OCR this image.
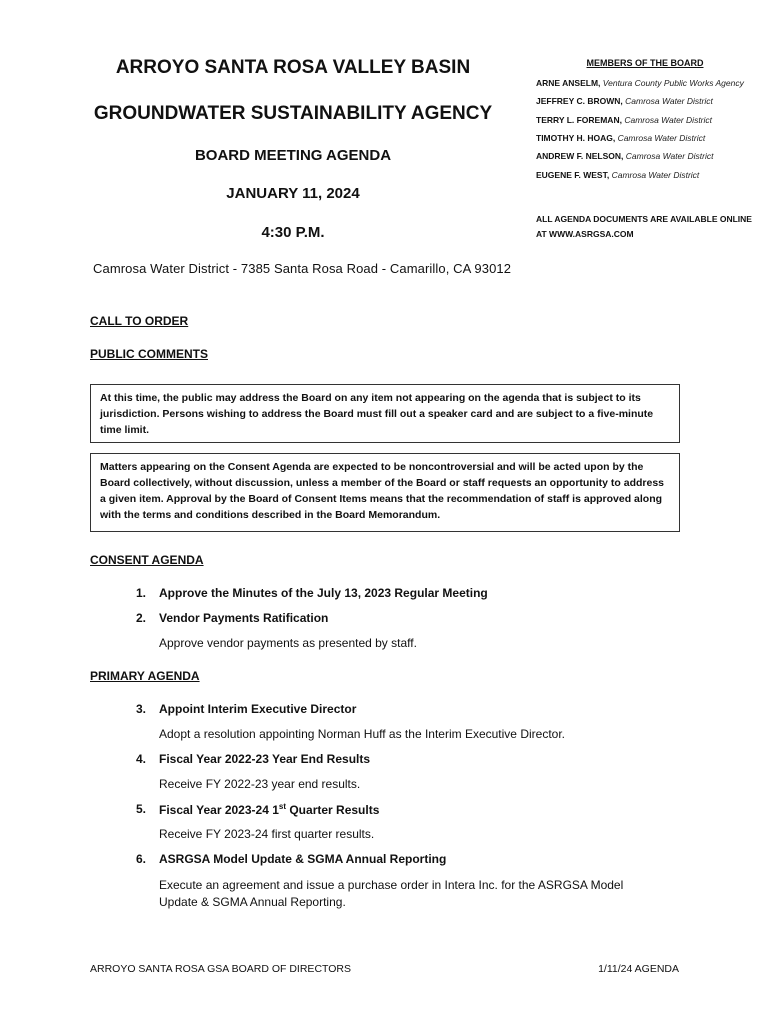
ARROYO SANTA ROSA VALLEY BASIN
GROUNDWATER SUSTAINABILITY AGENCY
BOARD MEETING AGENDA
JANUARY 11, 2024
4:30 P.M.
Camrosa Water District - 7385 Santa Rosa Road - Camarillo, CA 93012
MEMBERS OF THE BOARD
ARNE ANSELM, Ventura County Public Works Agency
JEFFREY C. BROWN, Camrosa Water District
TERRY L. FOREMAN, Camrosa Water District
TIMOTHY H. HOAG, Camrosa Water District
ANDREW F. NELSON, Camrosa Water District
EUGENE F. WEST, Camrosa Water District
ALL AGENDA DOCUMENTS ARE AVAILABLE ONLINE
AT WWW.ASRGSA.COM
CALL TO ORDER
PUBLIC COMMENTS
At this time, the public may address the Board on any item not appearing on the agenda that is subject to its jurisdiction. Persons wishing to address the Board must fill out a speaker card and are subject to a five-minute time limit.
Matters appearing on the Consent Agenda are expected to be noncontroversial and will be acted upon by the Board collectively, without discussion, unless a member of the Board or staff requests an opportunity to address a given item. Approval by the Board of Consent Items means that the recommendation of staff is approved along with the terms and conditions described in the Board Memorandum.
CONSENT AGENDA
1. Approve the Minutes of the July 13, 2023 Regular Meeting
2. Vendor Payments Ratification
Approve vendor payments as presented by staff.
PRIMARY AGENDA
3. Appoint Interim Executive Director
Adopt a resolution appointing Norman Huff as the Interim Executive Director.
4. Fiscal Year 2022-23 Year End Results
Receive FY 2022-23 year end results.
5. Fiscal Year 2023-24 1st Quarter Results
Receive FY 2023-24 first quarter results.
6. ASRGSA Model Update & SGMA Annual Reporting
Execute an agreement and issue a purchase order in Intera Inc. for the ASRGSA Model Update & SGMA Annual Reporting.
ARROYO SANTA ROSA GSA BOARD OF DIRECTORS	1/11/24 AGENDA
